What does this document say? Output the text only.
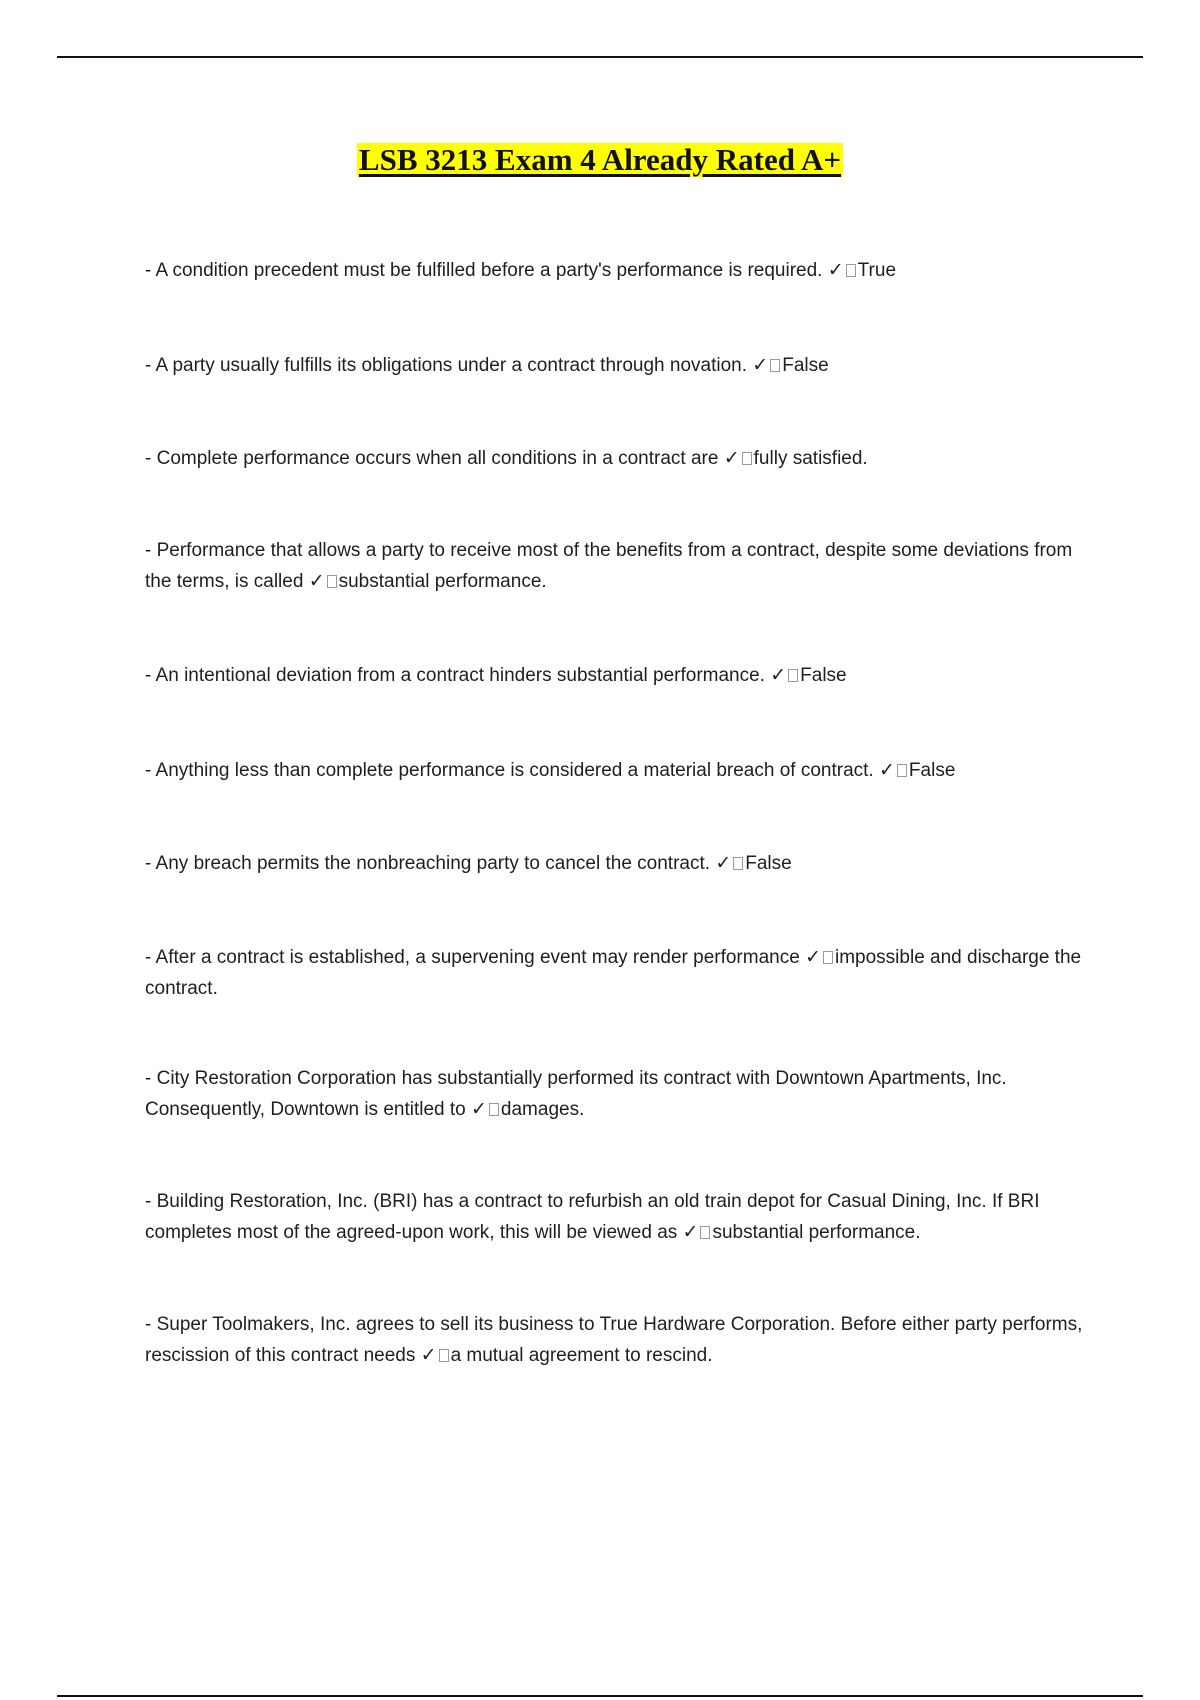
LSB 3213 Exam 4 Already Rated A+

- A condition precedent must be fulfilled before a party's performance is required. ✓ True

- A party usually fulfills its obligations under a contract through novation. ✓ False

- Complete performance occurs when all conditions in a contract are ✓ fully satisfied.

- Performance that allows a party to receive most of the benefits from a contract, despite some deviations from the terms, is called ✓ substantial performance.

- An intentional deviation from a contract hinders substantial performance. ✓ False

- Anything less than complete performance is considered a material breach of contract. ✓ False

- Any breach permits the nonbreaching party to cancel the contract. ✓ False

- After a contract is established, a supervening event may render performance ✓ impossible and discharge the contract.

- City Restoration Corporation has substantially performed its contract with Downtown Apartments, Inc. Consequently, Downtown is entitled to ✓ damages.

- Building Restoration, Inc. (BRI) has a contract to refurbish an old train depot for Casual Dining, Inc. If BRI completes most of the agreed-upon work, this will be viewed as ✓ substantial performance.

- Super Toolmakers, Inc. agrees to sell its business to True Hardware Corporation. Before either party performs, rescission of this contract needs ✓ a mutual agreement to rescind.
